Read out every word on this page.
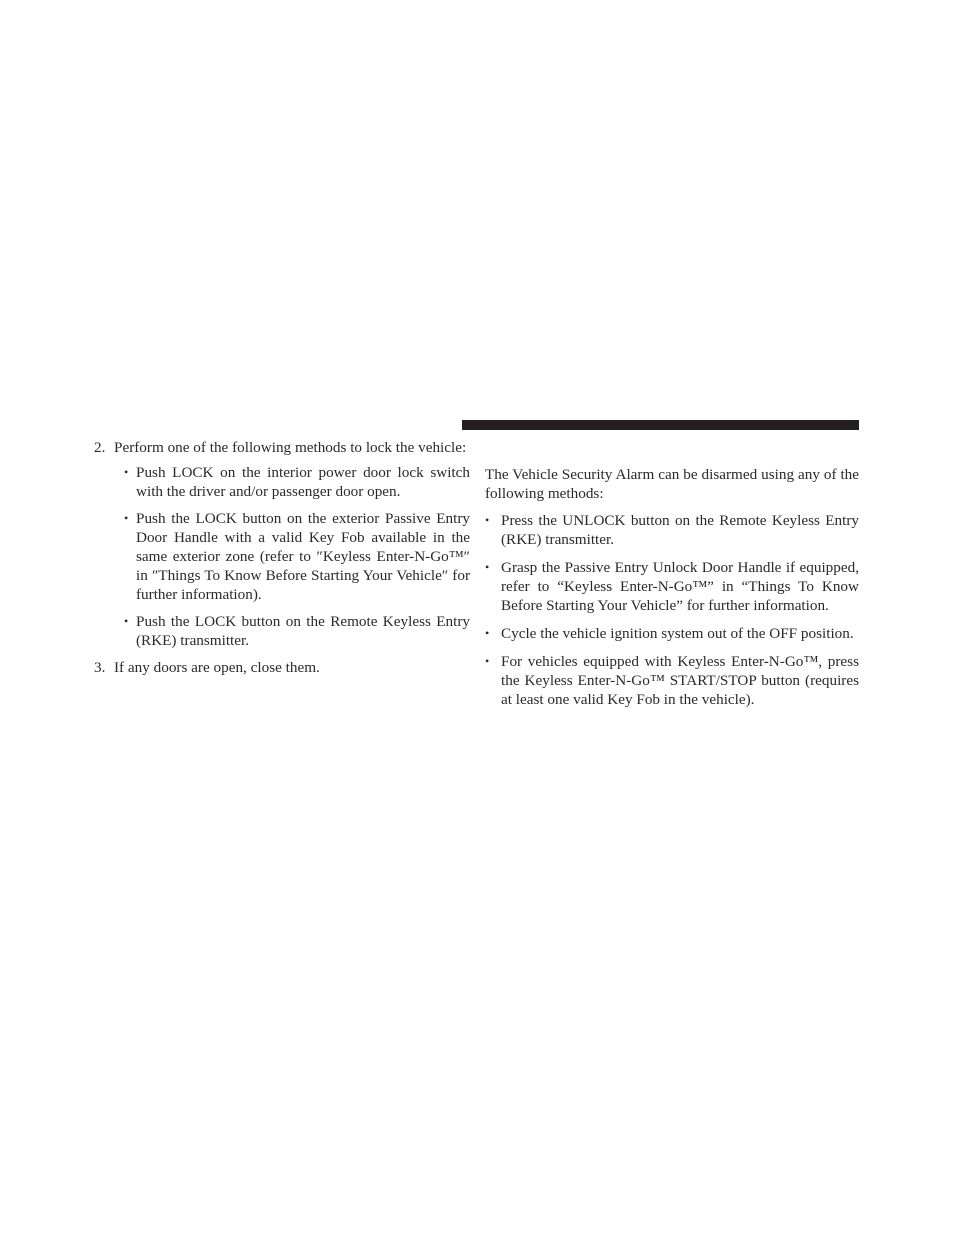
2. Perform one of the following methods to lock the vehicle:
• Push LOCK on the interior power door lock switch with the driver and/or passenger door open.
• Push the LOCK button on the exterior Passive Entry Door Handle with a valid Key Fob available in the same exterior zone (refer to ″Keyless Enter-N-Go™″ in ″Things To Know Before Starting Your Vehicle″ for further information).
• Push the LOCK button on the Remote Keyless Entry (RKE) transmitter.
3. If any doors are open, close them.
The Vehicle Security Alarm can be disarmed using any of the following methods:
• Press the UNLOCK button on the Remote Keyless Entry (RKE) transmitter.
• Grasp the Passive Entry Unlock Door Handle if equipped, refer to “Keyless Enter-N-Go™” in “Things To Know Before Starting Your Vehicle” for further information.
• Cycle the vehicle ignition system out of the OFF position.
• For vehicles equipped with Keyless Enter-N-Go™, press the Keyless Enter-N-Go™ START/STOP button (requires at least one valid Key Fob in the vehicle).
